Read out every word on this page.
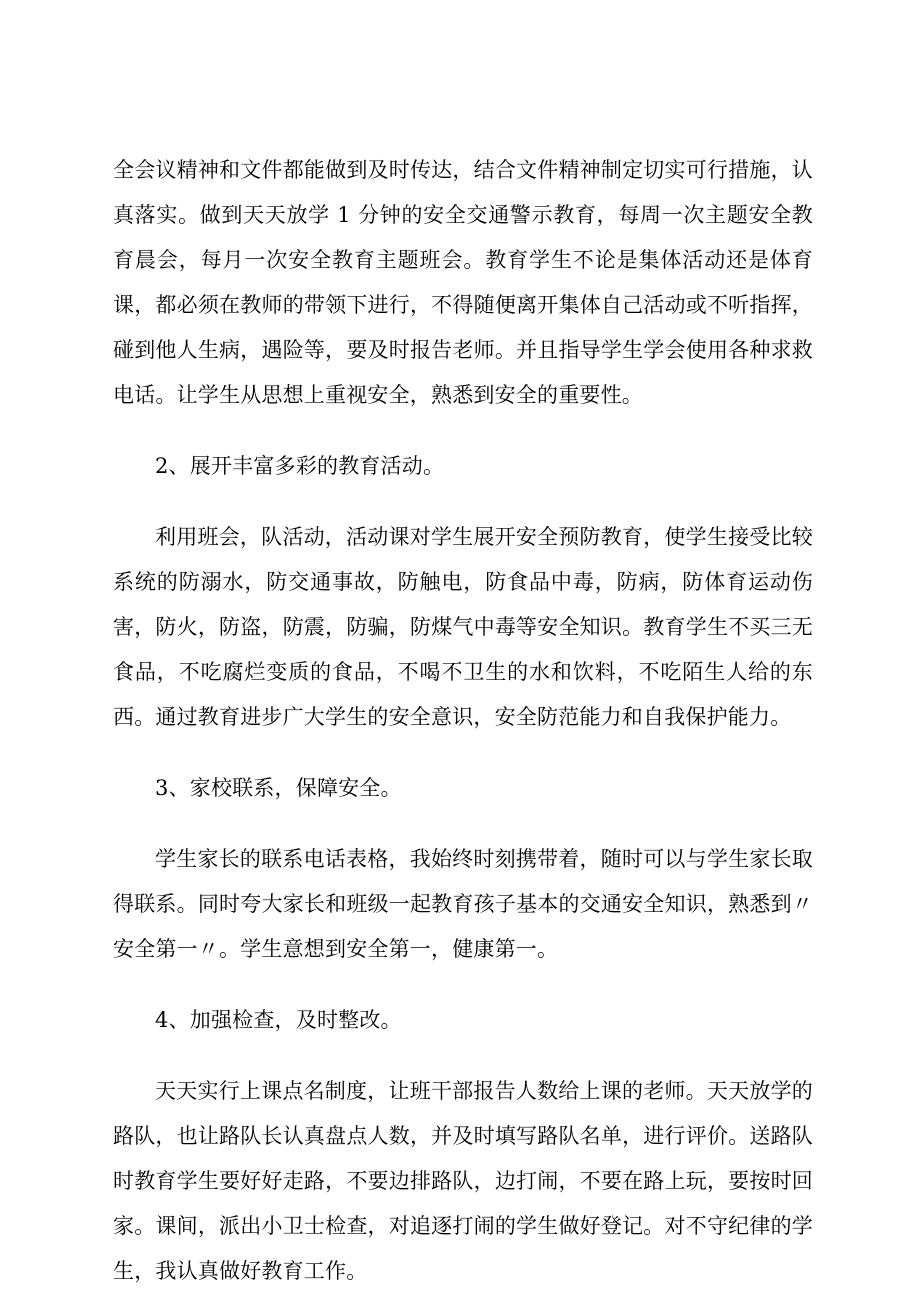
全会议精神和文件都能做到及时传达，结合文件精神制定切实可行措施，认真落实。做到天天放学 1 分钟的安全交通警示教育，每周一次主题安全教育晨会，每月一次安全教育主题班会。教育学生不论是集体活动还是体育课，都必须在教师的带领下进行，不得随便离开集体自己活动或不听指挥，碰到他人生病，遇险等，要及时报告老师。并且指导学生学会使用各种求救电话。让学生从思想上重视安全，熟悉到安全的重要性。

2、展开丰富多彩的教育活动。

利用班会，队活动，活动课对学生展开安全预防教育，使学生接受比较系统的防溺水，防交通事故，防触电，防食品中毒，防病，防体育运动伤害，防火，防盗，防震，防骗，防煤气中毒等安全知识。教育学生不买三无食品，不吃腐烂变质的食品，不喝不卫生的水和饮料，不吃陌生人给的东西。通过教育进步广大学生的安全意识，安全防范能力和自我保护能力。

3、家校联系，保障安全。

学生家长的联系电话表格，我始终时刻携带着，随时可以与学生家长取得联系。同时夸大家长和班级一起教育孩子基本的交通安全知识，熟悉到〃安全第一〃。学生意想到安全第一，健康第一。

4、加强检查，及时整改。

天天实行上课点名制度，让班干部报告人数给上课的老师。天天放学的路队，也让路队长认真盘点人数，并及时填写路队名单，进行评价。送路队时教育学生要好好走路，不要边排路队，边打闹，不要在路上玩，要按时回家。课间，派出小卫士检查，对追逐打闹的学生做好登记。对不守纪律的学生，我认真做好教育工作。
